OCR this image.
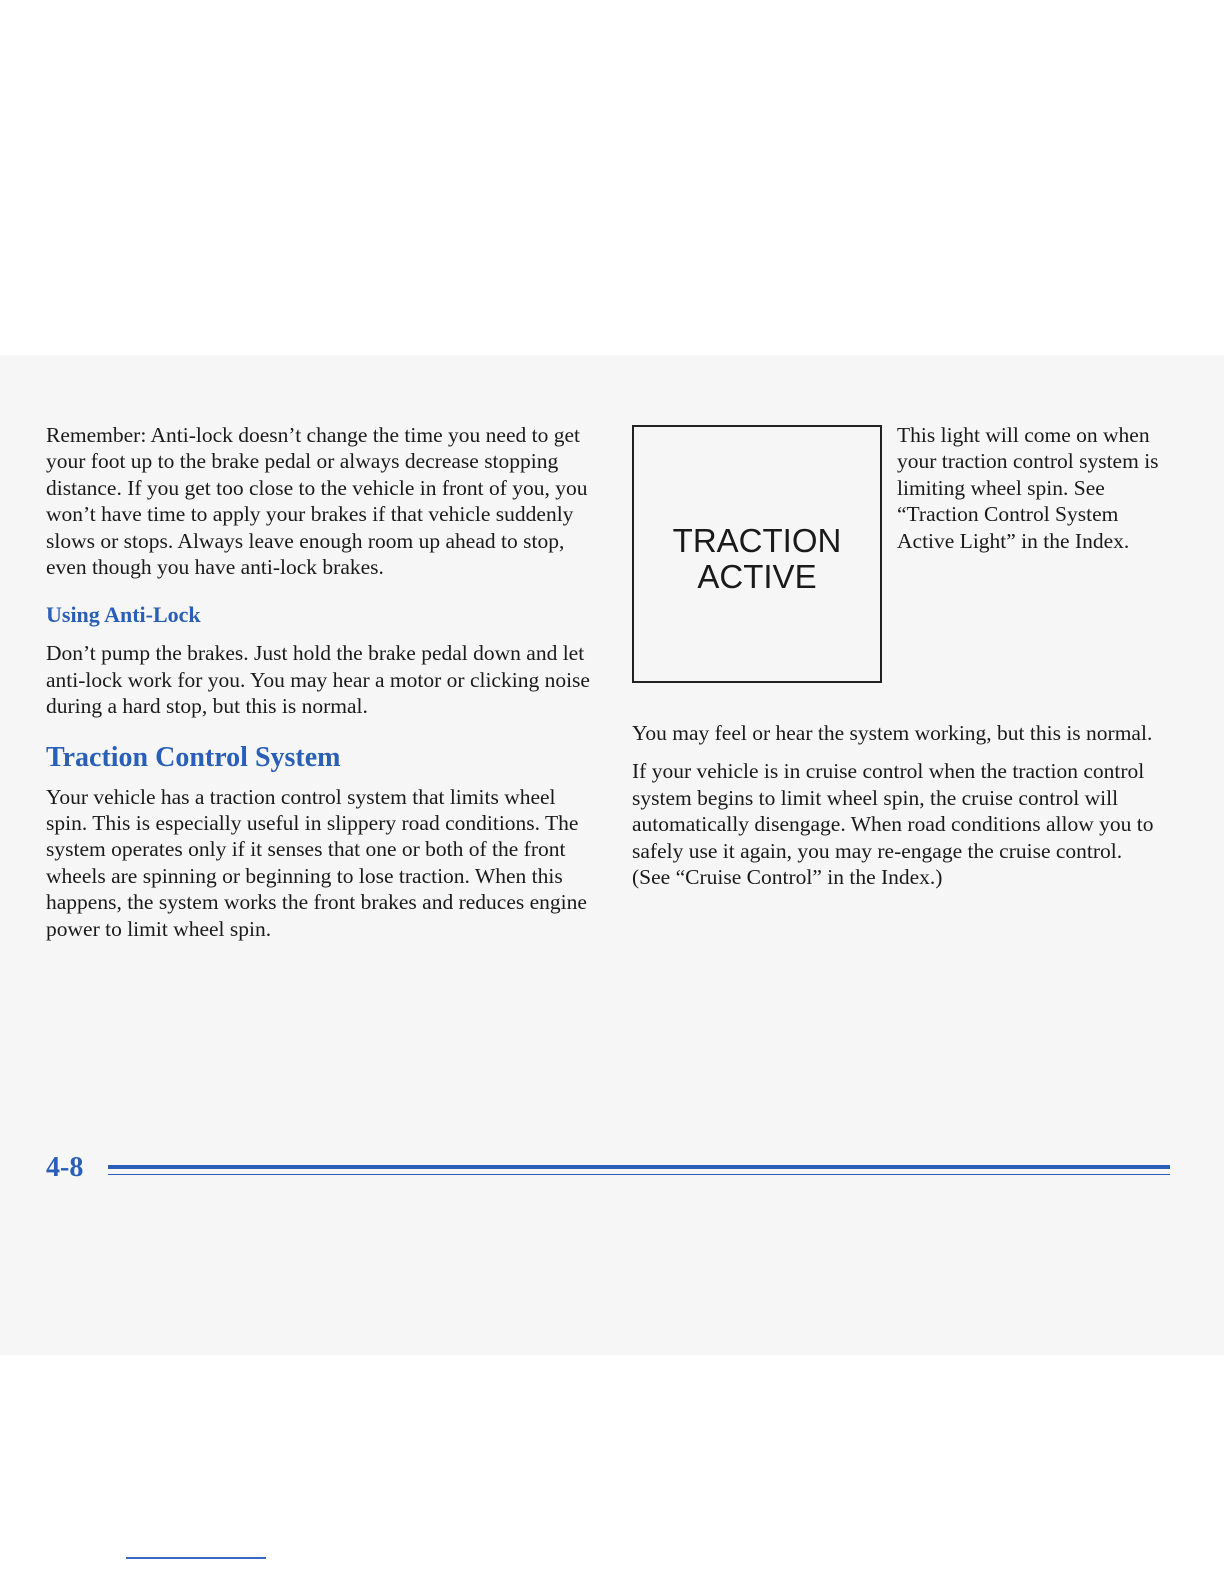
Remember: Anti-lock doesn’t change the time you need to get your foot up to the brake pedal or always decrease stopping distance. If you get too close to the vehicle in front of you, you won’t have time to apply your brakes if that vehicle suddenly slows or stops. Always leave enough room up ahead to stop, even though you have anti-lock brakes.

Using Anti-Lock

Don’t pump the brakes. Just hold the brake pedal down and let anti-lock work for you. You may hear a motor or clicking noise during a hard stop, but this is normal.

Traction Control System

Your vehicle has a traction control system that limits wheel spin. This is especially useful in slippery road conditions. The system operates only if it senses that one or both of the front wheels are spinning or beginning to lose traction. When this happens, the system works the front brakes and reduces engine power to limit wheel spin.

TRACTION
ACTIVE
This light will come on when your traction control system is limiting wheel spin. See “Traction Control System Active Light” in the Index.

You may feel or hear the system working, but this is normal.

If your vehicle is in cruise control when the traction control system begins to limit wheel spin, the cruise control will automatically disengage. When road conditions allow you to safely use it again, you may re-engage the cruise control. (See “Cruise Control” in the Index.)

4-8
